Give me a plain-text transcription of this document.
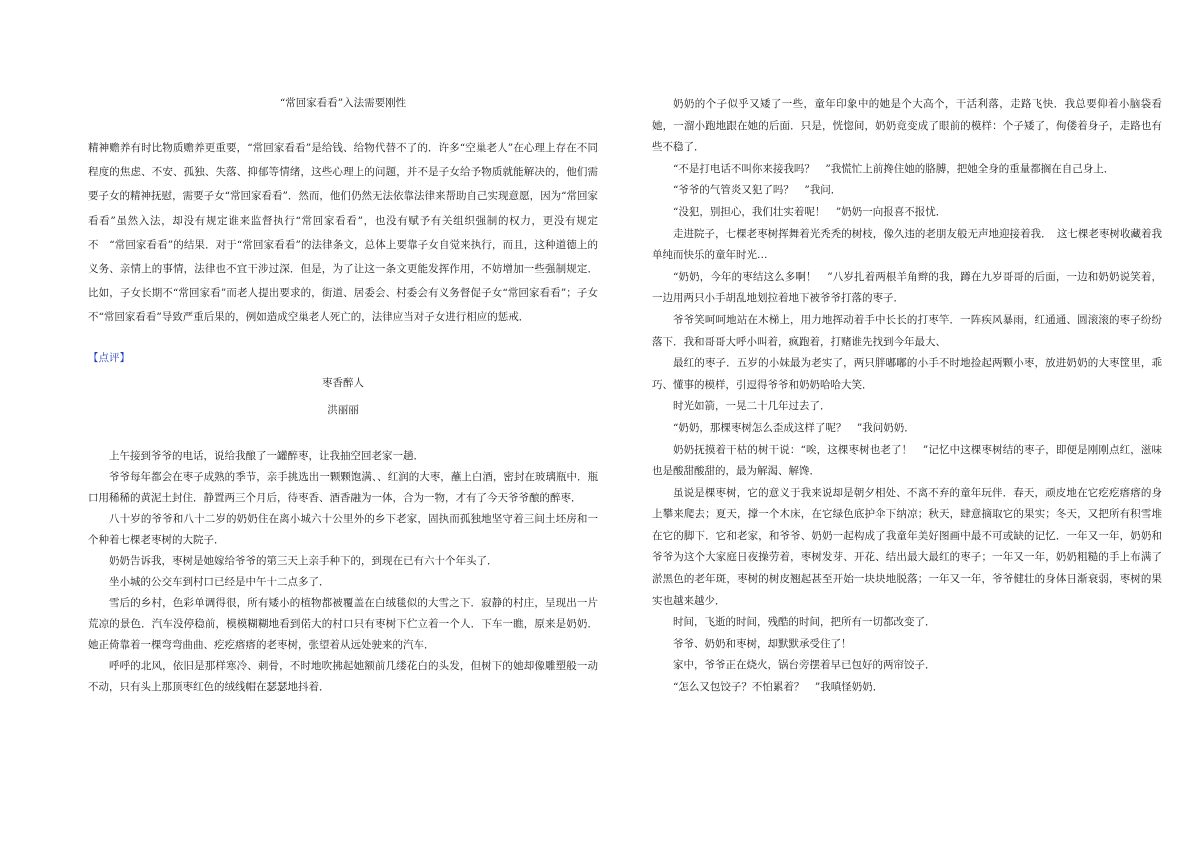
“常回家看看”入法需要刚性

精神赡养有时比物质赡养更重要，“常回家看看”是给钱、给物代替不了的．许多“空巢老人”在心理上存在不同程度的焦虑、不安、孤独、失落、抑郁等情绪，这些心理上的问题，并不是子女给予物质就能解决的，他们需要子女的精神抚慰，需要子女“常回家看看”．然而，他们仍然无法依靠法律来帮助自己实现意愿，因为“常回家看看”虽然入法，却没有规定谁来监督执行“常回家看看”，也没有赋予有关组织强制的权力，更没有规定不　“常回家看看”的结果．对于“常回家看看”的法律条文，总体上要靠子女自觉来执行，而且，这种道德上的义务、亲情上的事情，法律也不宜干涉过深．但是，为了让这一条文更能发挥作用，不妨增加一些强制规定．比如，子女长期不“常回家看”而老人提出要求的，街道、居委会、村委会有义务督促子女“常回家看看”；子女不“常回家看看”导致严重后果的，例如造成空巢老人死亡的，法律应当对子女进行相应的惩戒．

【点评】

枣香醉人

洪丽丽

上午接到爷爷的电话，说给我酿了一罐醉枣，让我抽空回老家一趟．

爷爷每年都会在枣子成熟的季节，亲手挑选出一颗颗饱满、、红润的大枣，蘸上白酒，密封在玻璃瓶中．瓶口用稀稀的黄泥土封住．静置两三个月后，待枣香、酒香融为一体，合为一物，才有了今天爷爷酿的醉枣．

八十岁的爷爷和八十二岁的奶奶住在离小城六十公里外的乡下老家，固执而孤独地坚守着三间土坯房和一个种着七棵老枣树的大院子．

奶奶告诉我，枣树是她嫁给爷爷的第三天上亲手种下的，到现在已有六十个年头了．

坐小城的公交车到村口已经是中午十二点多了．

雪后的乡村，色彩单调得很，所有矮小的植物都被覆盖在白绒毯似的大雪之下．寂静的村庄，呈现出一片荒凉的景色．汽车没停稳前，模模糊糊地看到偌大的村口只有枣树下伫立着一个人．下车一瞧，原来是奶奶．她正倚靠着一棵弯弯曲曲、疙疙瘩瘩的老枣树，张望着从远处驶来的汽车．

呼呼的北风，依旧是那样寒冷、刺骨，不时地吹拂起她额前几缕花白的头发，但树下的她却像雕塑般一动不动，只有头上那顶枣红色的绒线帽在瑟瑟地抖着．

奶奶的个子似乎又矮了一些，童年印象中的她是个大高个，干活利落，走路飞快．我总要仰着小脑袋看她，一溜小跑地跟在她的后面．只是，恍惚间，奶奶竟变成了眼前的模样：个子矮了，佝偻着身子，走路也有些不稳了．

“不是打电话不叫你来接我吗？　”我慌忙上前搀住她的胳膊，把她全身的重量都搁在自己身上．

“爷爷的气管炎又犯了吗？　”我问．

“没犯，别担心，我们壮实着呢！　”奶奶一向报喜不报忧．

走进院子，七棵老枣树挥舞着光秃秃的树枝，像久违的老朋友般无声地迎接着我．　这七棵老枣树收藏着我单纯而快乐的童年时光…

“奶奶，今年的枣结这么多啊！　”八岁扎着两根羊角辫的我，蹲在九岁哥哥的后面，一边和奶奶说笑着，一边用两只小手胡乱地划拉着地下被爷爷打落的枣子．

爷爷笑呵呵地站在木梯上，用力地挥动着手中长长的打枣竿．一阵疾风暴雨，红通通、圆滚滚的枣子纷纷落下．我和哥哥大呼小叫着，疯跑着，打赌谁先找到今年最大、

最红的枣子．五岁的小妹最为老实了，两只胖嘟嘟的小手不时地捡起两颗小枣，放进奶奶的大枣筐里，乖巧、懂事的模样，引逗得爷爷和奶奶哈哈大笑．

时光如箭，一晃二十几年过去了．

“奶奶，那棵枣树怎么歪成这样了呢？　”我问奶奶．

奶奶抚摸着干枯的树干说：“唉，这棵枣树也老了！　”记忆中这棵枣树结的枣子，即便是刚刚点红，滋味也是酸甜酸甜的，最为解渴、解馋．

虽说是棵枣树，它的意义于我来说却是朝夕相处、不离不弃的童年玩伴．春天，顽皮地在它疙疙瘩瘩的身上攀来爬去；夏天，撑一个木床，在它绿色底护伞下纳凉；秋天，肆意摘取它的果实；冬天，又把所有积雪堆在它的脚下．它和老家，和爷爷、奶奶一起构成了我童年美好图画中最不可或缺的记忆．一年又一年，奶奶和爷爷为这个大家庭日夜操劳着，枣树发芽、开花、结出最大最红的枣子；一年又一年，奶奶粗糙的手上布满了淤黑色的老年斑，枣树的树皮翘起甚至开始一块块地脱落；一年又一年，爷爷健壮的身体日渐衰弱，枣树的果实也越来越少．

时间，飞逝的时间，残酷的时间，把所有一切都改变了．

爷爷、奶奶和枣树，却默默承受住了！

家中，爷爷正在烧火，锅台旁摆着早已包好的两帘饺子．

“怎么又包饺子？不怕累着？　”我嗔怪奶奶．
